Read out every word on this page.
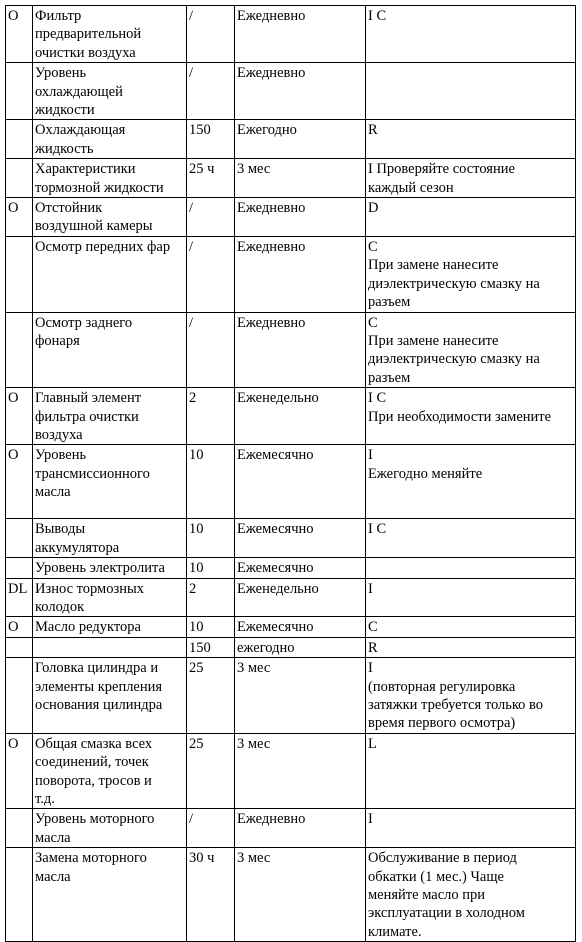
O	Фильтр
предварительной
очистки воздуха	/	Ежедневно	I C
	Уровень
охлаждающей
жидкости	/	Ежедневно	
	Охлаждающая
жидкость	150	Ежегодно	R
	Характеристики
тормозной жидкости	25 ч	3 мес	I Проверяйте состояние
каждый сезон
O	Отстойник
воздушной камеры	/	Ежедневно	D
	Осмотр передних фар	/	Ежедневно	C
При замене нанесите
диэлектрическую смазку на
разъем
	Осмотр заднего
фонаря	/	Ежедневно	C
При замене нанесите
диэлектрическую смазку на
разъем
O	Главный элемент
фильтра очистки
воздуха	2	Еженедельно	I C
При необходимости замените
O	Уровень
трансмиссионного
масла	10	Ежемесячно	I
Ежегодно меняйте
	Выводы
аккумулятора	10	Ежемесячно	I C
	Уровень электролита	10	Ежемесячно	
DL	Износ тормозных
колодок	2	Еженедельно	I
O	Масло редуктора	10	Ежемесячно	C
		150	ежегодно	R
	Головка цилиндра и
элементы крепления
основания цилиндра	25	3 мес	I
(повторная регулировка
затяжки требуется только во
время первого осмотра)
O	Общая смазка всех
соединений, точек
поворота, тросов и
т.д.	25	3 мес	L
	Уровень моторного
масла	/	Ежедневно	I
	Замена моторного
масла	30 ч	3 мес	Обслуживание в период
обкатки (1 мес.) Чаще
меняйте масло при
эксплуатации в холодном
климате.
